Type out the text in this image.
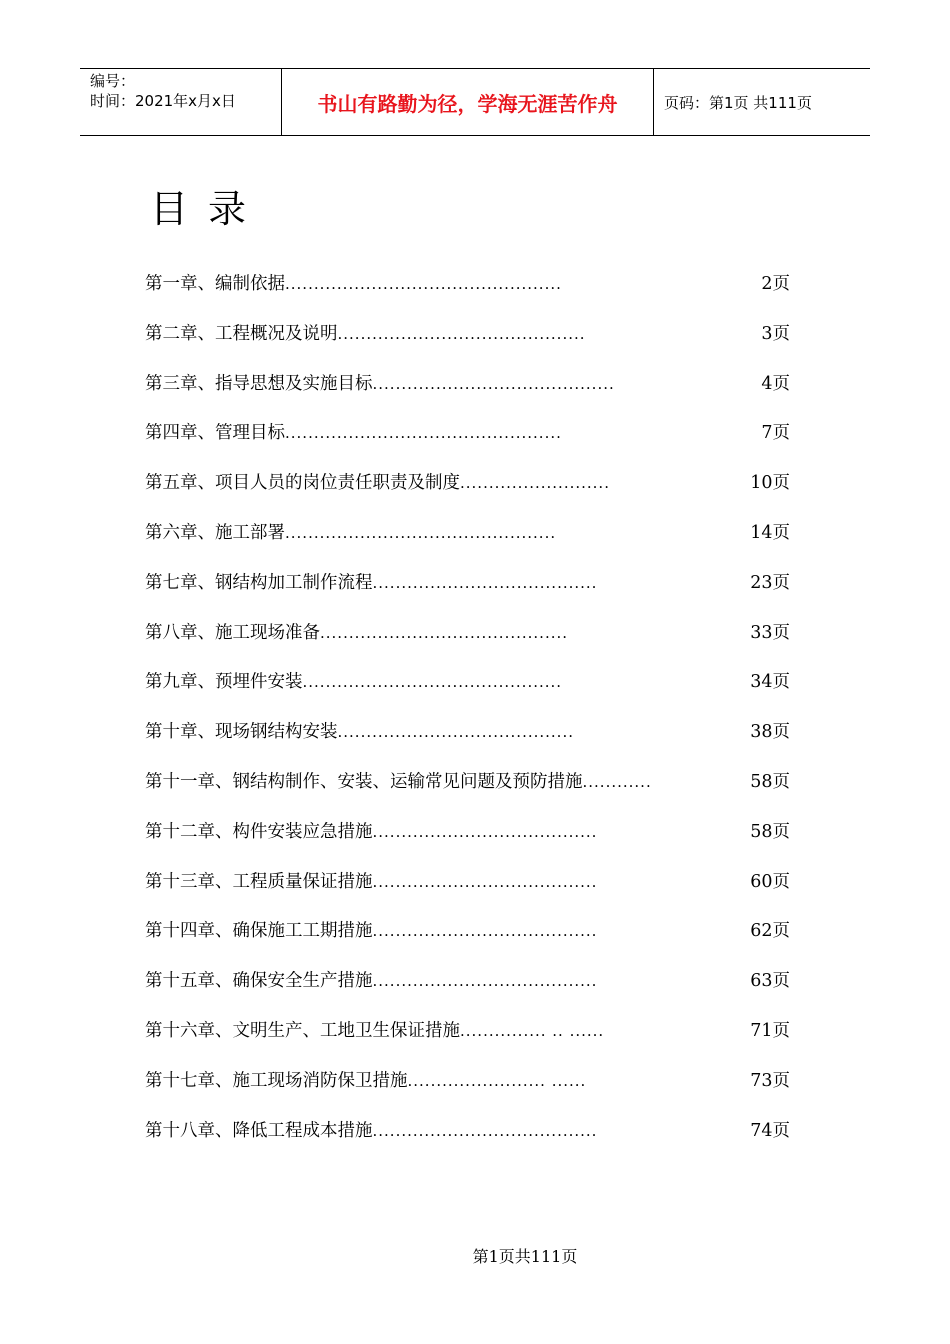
编号：
时间：2021年x月x日	书山有路勤为径，学海无涯苦作舟	页码：第1页 共111页
目录
第一章、编制依据 ................................................	2页
第二章、工程概况及说明 ...........................................	3页
第三章、指导思想及实施目标 ..........................................	4页
第四章、管理目标 ................................................	7页
第五章、项目人员的岗位责任职责及制度 ..........................	10页
第六章、施工部署 ...............................................	14页
第七章、钢结构加工制作流程 .......................................	23页
第八章、施工现场准备 ...........................................	33页
第九章、预埋件安装 .............................................	34页
第十章、现场钢结构安装 .........................................	38页
第十一章、钢结构制作、安装、运输常见问题及预防措施 ............	58页
第十二章、构件安装应急措施 .......................................	58页
第十三章、工程质量保证措施 .......................................	60页
第十四章、确保施工工期措施 .......................................	62页
第十五章、确保安全生产措施 .......................................	63页
第十六章、文明生产、工地卫生保证措施 ............... .. ......	71页
第十七章、施工现场消防保卫措施 ........................ ......	73页
第十八章、降低工程成本措施 .......................................	74页
第1页共111页
